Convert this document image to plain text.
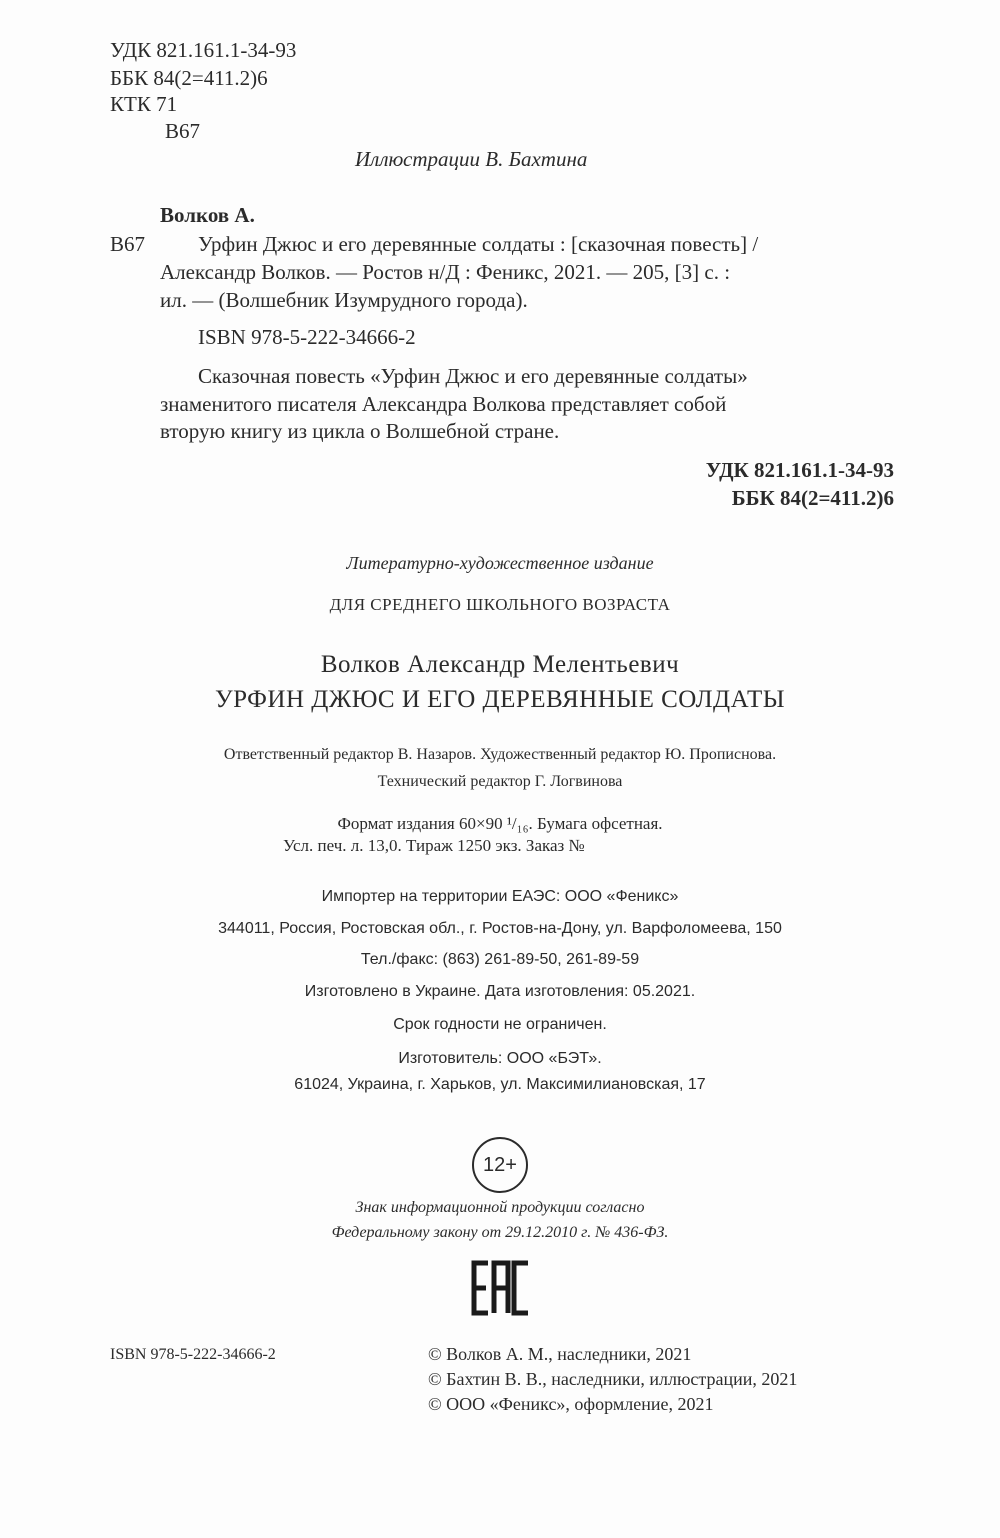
УДК 821.161.1-34-93
ББК 84(2=411.2)6
КТК 71
В67
Иллюстрации В. Бахтина
Волков А.
В67	Урфин Джюс и его деревянные солдаты : [сказочная повесть] /
Александр Волков. — Ростов н/Д : Феникс, 2021. — 205, [3] с. :
ил. — (Волшебник Изумрудного города).
ISBN 978-5-222-34666-2
Сказочная повесть «Урфин Джюс и его деревянные солдаты»
знаменитого писателя Александра Волкова представляет собой
вторую книгу из цикла о Волшебной стране.
УДК 821.161.1-34-93
ББК 84(2=411.2)6
Литературно-художественное издание
ДЛЯ СРЕДНЕГО ШКОЛЬНОГО ВОЗРАСТА
Волков Александр Мелентьевич
УРФИН ДЖЮС И ЕГО ДЕРЕВЯННЫЕ СОЛДАТЫ
Ответственный редактор В. Назаров. Художественный редактор Ю. Прописнова.
Технический редактор Г. Логвинова
Формат издания 60×90 ¹/₁₆. Бумага офсетная.
Усл. печ. л. 13,0. Тираж 1250 экз. Заказ №
Импортер на территории ЕАЭС: ООО «Феникс»
344011, Россия, Ростовская обл., г. Ростов-на-Дону, ул. Варфоломеева, 150
Тел./факс: (863) 261-89-50, 261-89-59
Изготовлено в Украине. Дата изготовления: 05.2021.
Срок годности не ограничен.
Изготовитель: ООО «БЭТ».
61024, Украина, г. Харьков, ул. Максимилиановская, 17
12+
Знак информационной продукции согласно
Федеральному закону от 29.12.2010 г. № 436-ФЗ.
ISBN 978-5-222-34666-2	© Волков А. М., наследники, 2021
© Бахтин В. В., наследники, иллюстрации, 2021
© ООО «Феникс», оформление, 2021
